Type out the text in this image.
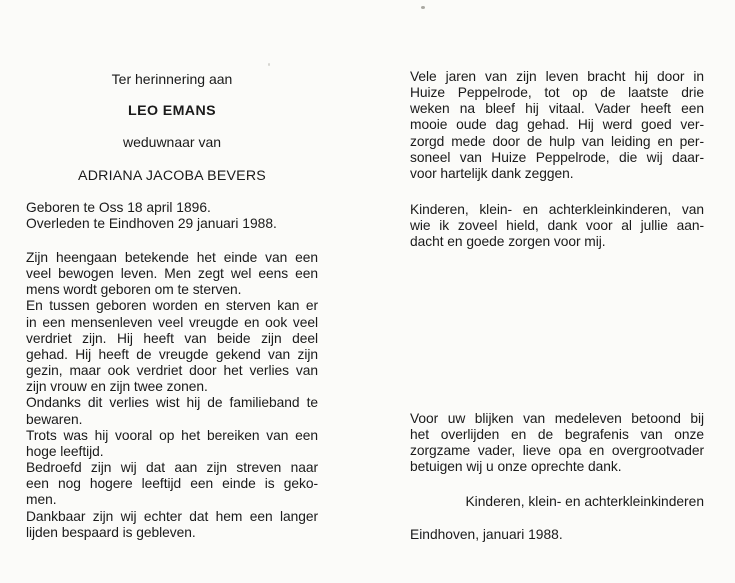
Ter herinnering aan
LEO EMANS
weduwnaar van
ADRIANA JACOBA BEVERS
Geboren te Oss 18 april 1896.
Overleden te Eindhoven 29 januari 1988.
Zijn heengaan betekende het einde van een
veel bewogen leven. Men zegt wel eens een
mens wordt geboren om te sterven.
En tussen geboren worden en sterven kan er
in een mensenleven veel vreugde en ook veel
verdriet zijn. Hij heeft van beide zijn deel
gehad. Hij heeft de vreugde gekend van zijn
gezin, maar ook verdriet door het verlies van
zijn vrouw en zijn twee zonen.
Ondanks dit verlies wist hij de familieband te
bewaren.
Trots was hij vooral op het bereiken van een
hoge leeftijd.
Bedroefd zijn wij dat aan zijn streven naar
een nog hogere leeftijd een einde is geko-
men.
Dankbaar zijn wij echter dat hem een langer
lijden bespaard is gebleven.
Vele jaren van zijn leven bracht hij door in
Huize Peppelrode, tot op de laatste drie
weken na bleef hij vitaal. Vader heeft een
mooie oude dag gehad. Hij werd goed ver-
zorgd mede door de hulp van leiding en per-
soneel van Huize Peppelrode, die wij daar-
voor hartelijk dank zeggen.
Kinderen, klein- en achterkleinkinderen, van
wie ik zoveel hield, dank voor al jullie aan-
dacht en goede zorgen voor mij.
Voor uw blijken van medeleven betoond bij
het overlijden en de begrafenis van onze
zorgzame vader, lieve opa en overgrootvader
betuigen wij u onze oprechte dank.
Kinderen, klein- en achterkleinkinderen
Eindhoven, januari 1988.
